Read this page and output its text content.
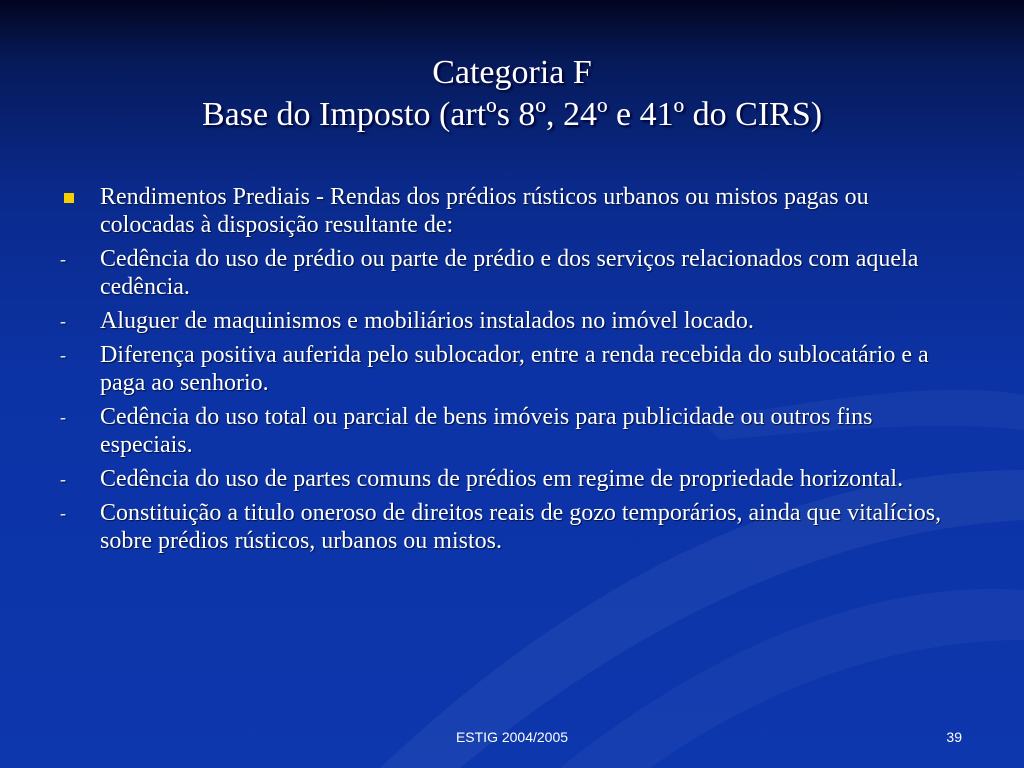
Categoria F
Base do Imposto (artºs 8º, 24º e 41º do CIRS)
Rendimentos Prediais - Rendas dos prédios rústicos urbanos ou mistos pagas ou colocadas à disposição resultante de:
- Cedência do uso de prédio ou parte de prédio e dos serviços relacionados com aquela cedência.
- Aluguer de maquinismos e mobiliários instalados no imóvel locado.
- Diferença positiva auferida pelo sublocador, entre a renda recebida do sublocatário e a paga ao senhorio.
- Cedência do uso total ou parcial de bens imóveis para publicidade ou outros fins especiais.
- Cedência do uso de partes comuns de prédios em regime de propriedade horizontal.
- Constituição a titulo oneroso de direitos reais de gozo temporários, ainda que vitalícios, sobre prédios rústicos, urbanos ou mistos.
ESTIG 2004/2005	39
